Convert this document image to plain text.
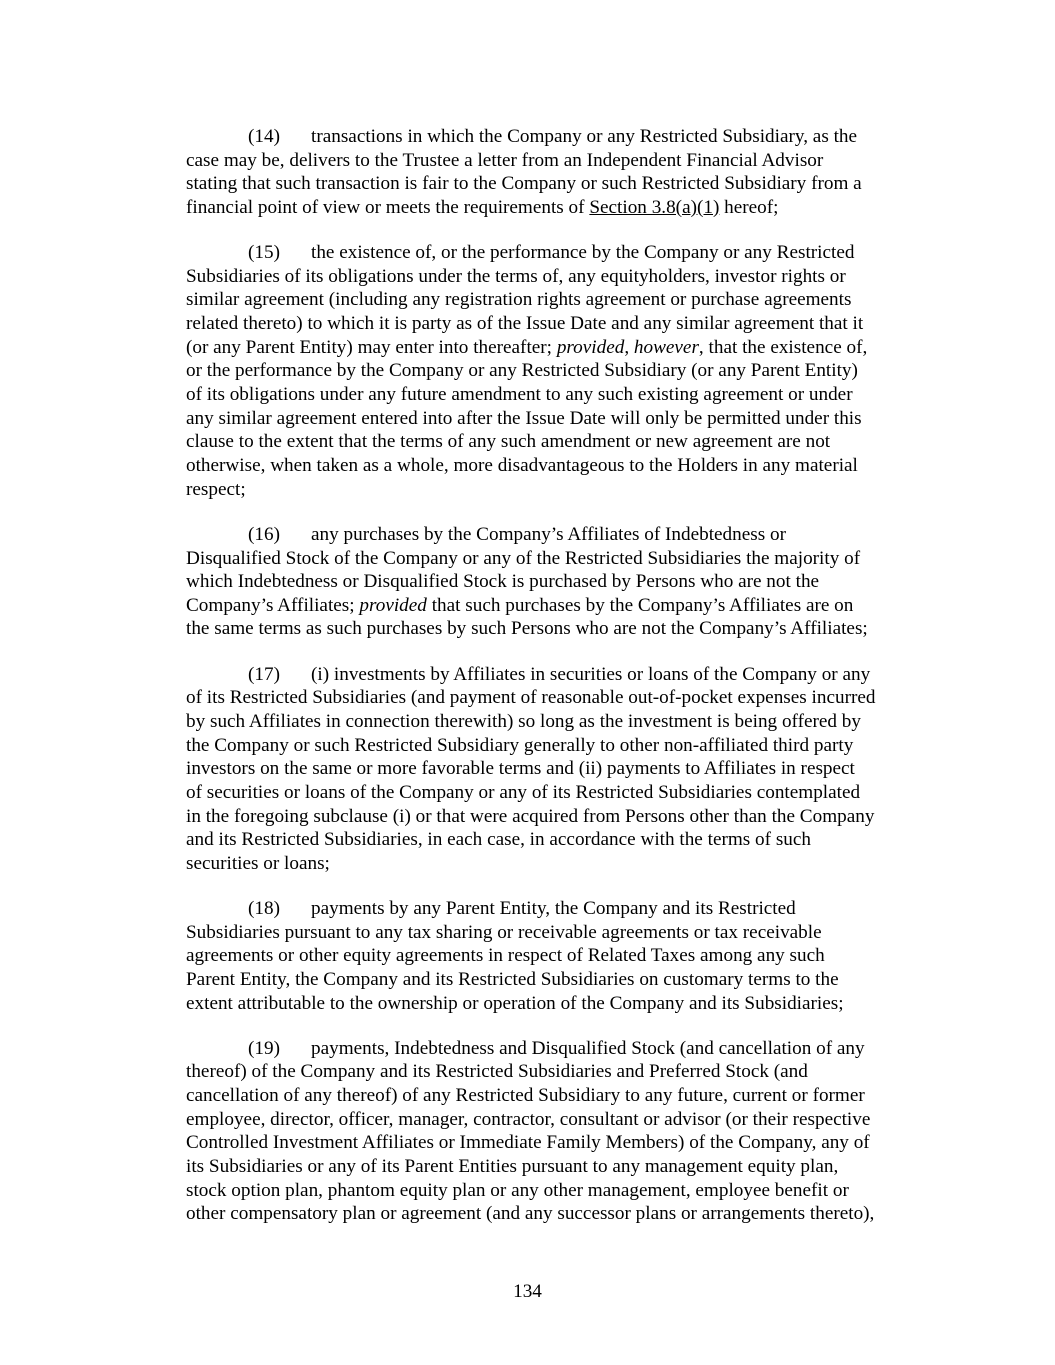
(14) transactions in which the Company or any Restricted Subsidiary, as the
case may be, delivers to the Trustee a letter from an Independent Financial Advisor
stating that such transaction is fair to the Company or such Restricted Subsidiary from a
financial point of view or meets the requirements of Section 3.8(a)(1) hereof;
(15) the existence of, or the performance by the Company or any Restricted
Subsidiaries of its obligations under the terms of, any equityholders, investor rights or
similar agreement (including any registration rights agreement or purchase agreements
related thereto) to which it is party as of the Issue Date and any similar agreement that it
(or any Parent Entity) may enter into thereafter; provided, however, that the existence of,
or the performance by the Company or any Restricted Subsidiary (or any Parent Entity)
of its obligations under any future amendment to any such existing agreement or under
any similar agreement entered into after the Issue Date will only be permitted under this
clause to the extent that the terms of any such amendment or new agreement are not
otherwise, when taken as a whole, more disadvantageous to the Holders in any material
respect;
(16) any purchases by the Company’s Affiliates of Indebtedness or
Disqualified Stock of the Company or any of the Restricted Subsidiaries the majority of
which Indebtedness or Disqualified Stock is purchased by Persons who are not the
Company’s Affiliates; provided that such purchases by the Company’s Affiliates are on
the same terms as such purchases by such Persons who are not the Company’s Affiliates;
(17) (i) investments by Affiliates in securities or loans of the Company or any
of its Restricted Subsidiaries (and payment of reasonable out-of-pocket expenses incurred
by such Affiliates in connection therewith) so long as the investment is being offered by
the Company or such Restricted Subsidiary generally to other non-affiliated third party
investors on the same or more favorable terms and (ii) payments to Affiliates in respect
of securities or loans of the Company or any of its Restricted Subsidiaries contemplated
in the foregoing subclause (i) or that were acquired from Persons other than the Company
and its Restricted Subsidiaries, in each case, in accordance with the terms of such
securities or loans;
(18) payments by any Parent Entity, the Company and its Restricted
Subsidiaries pursuant to any tax sharing or receivable agreements or tax receivable
agreements or other equity agreements in respect of Related Taxes among any such
Parent Entity, the Company and its Restricted Subsidiaries on customary terms to the
extent attributable to the ownership or operation of the Company and its Subsidiaries;
(19) payments, Indebtedness and Disqualified Stock (and cancellation of any
thereof) of the Company and its Restricted Subsidiaries and Preferred Stock (and
cancellation of any thereof) of any Restricted Subsidiary to any future, current or former
employee, director, officer, manager, contractor, consultant or advisor (or their respective
Controlled Investment Affiliates or Immediate Family Members) of the Company, any of
its Subsidiaries or any of its Parent Entities pursuant to any management equity plan,
stock option plan, phantom equity plan or any other management, employee benefit or
other compensatory plan or agreement (and any successor plans or arrangements thereto),
134
